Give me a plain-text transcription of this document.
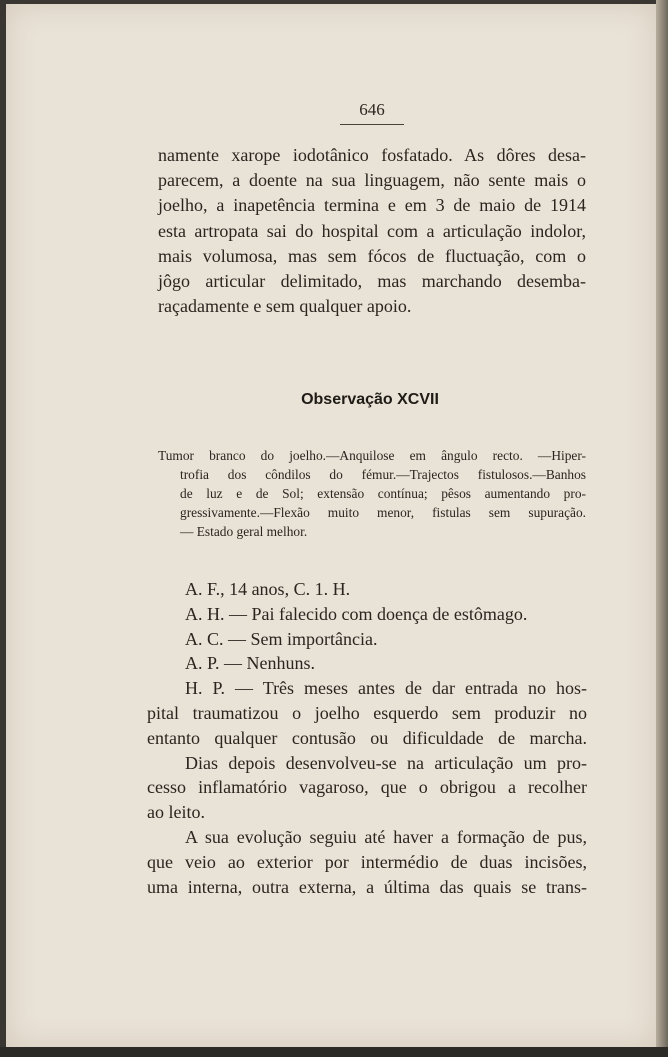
646
namente xarope iodotânico fosfatado. As dôres desa-
parecem, a doente na sua linguagem, não sente mais o
joelho, a inapetência termina e em 3 de maio de 1914
esta artropata sai do hospital com a articulação indolor,
mais volumosa, mas sem fócos de fluctuação, com o
jôgo articular delimitado, mas marchando desemba-
raçadamente e sem qualquer apoio.
Observação XCVII
Tumor branco do joelho.—Anquilose em ângulo recto. —Hiper-
trofia dos côndilos do fémur.—Trajectos fistulosos.—Banhos
de luz e de Sol; extensão contínua; pêsos aumentando pro-
gressivamente.—Flexão muito menor, fistulas sem supuração.
— Estado geral melhor.
A. F., 14 anos, C. 1. H.
A. H. — Pai falecido com doença de estômago.
A. C. — Sem importância.
A. P. — Nenhuns.
H. P. — Três meses antes de dar entrada no hos-
pital traumatizou o joelho esquerdo sem produzir no
entanto qualquer contusão ou dificuldade de marcha.
Dias depois desenvolveu-se na articulação um pro-
cesso inflamatório vagaroso, que o obrigou a recolher
ao leito.
A sua evolução seguiu até haver a formação de pus,
que veio ao exterior por intermédio de duas incisões,
uma interna, outra externa, a última das quais se trans-
